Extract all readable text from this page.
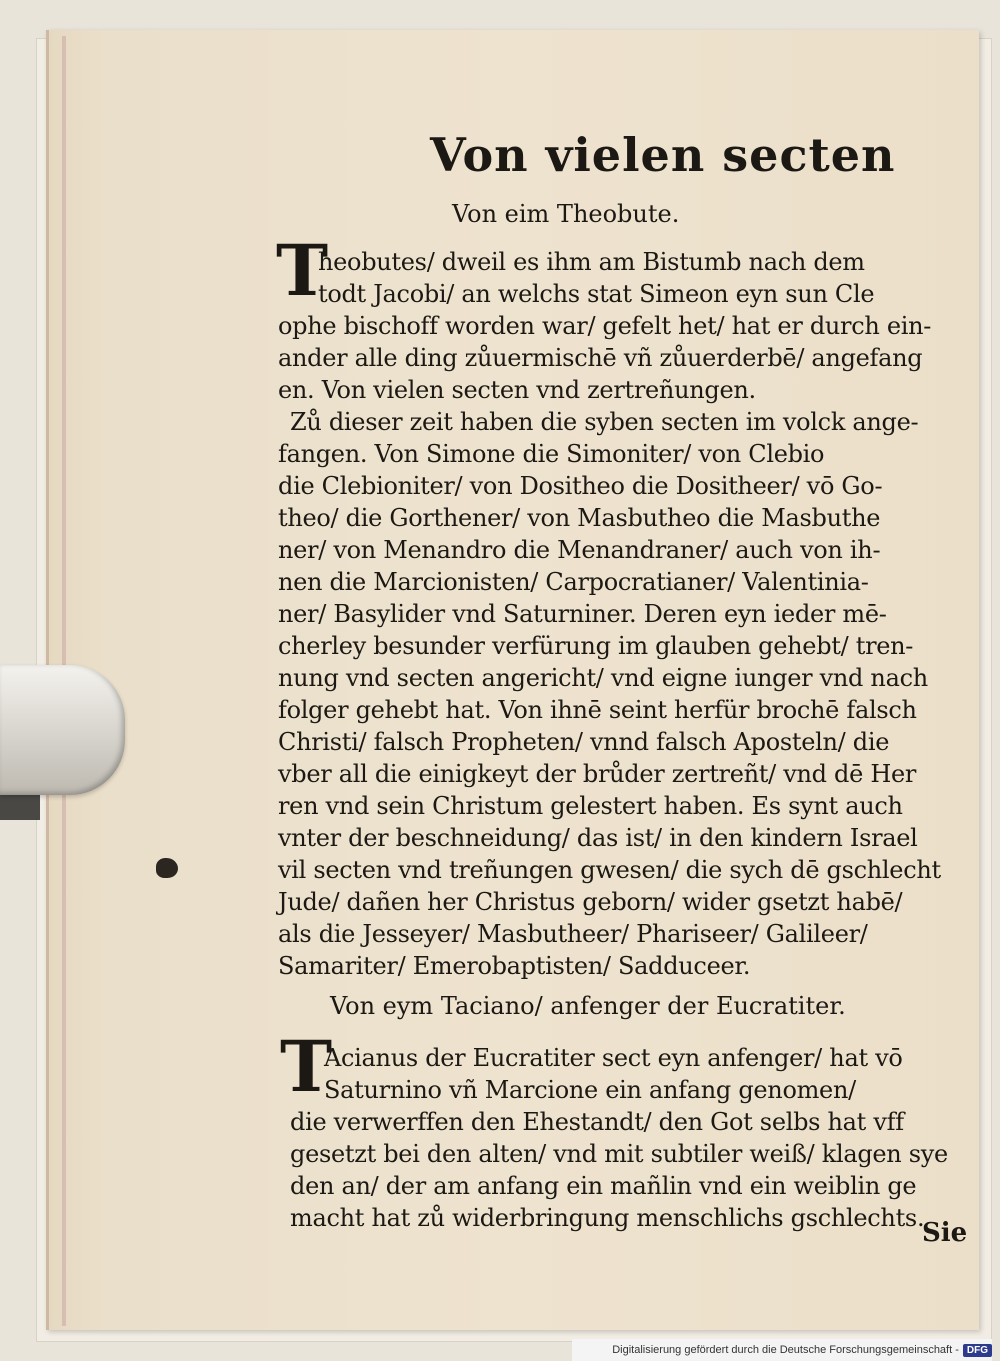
Von vielen secten
Von eim Theobute.
T
heobutes/ dweil es ihm am Bistumb nach dem
todt Jacobi/ an welchs stat Simeon eyn sun Cle
ophe bischoff worden war/ gefelt het/ hat er durch ein-
ander alle ding zůuermischē vñ zůuerderbē/ angefang
en. Von vielen secten vnd zertreñungen.
Zů dieser zeit haben die syben secten im volck ange-
fangen. Von Simone die Simoniter/ von Clebio
die Clebioniter/ von Dositheo die Dositheer/ vō Go-
theo/ die Gorthener/ von Masbutheo die Masbuthe
ner/ von Menandro die Menandraner/ auch von ih-
nen die Marcionisten/ Carpocratianer/ Valentinia-
ner/ Basylider vnd Saturniner. Deren eyn ieder mē-
cherley besunder verfürung im glauben gehebt/ tren-
nung vnd secten angericht/ vnd eigne iunger vnd nach
folger gehebt hat. Von ihnē seint herfür brochē falsch
Christi/ falsch Propheten/ vnnd falsch Aposteln/ die
vber all die einigkeyt der brůder zertreñt/ vnd dē Her
ren vnd sein Christum gelestert haben. Es synt auch
vnter der beschneidung/ das ist/ in den kindern Israel
vil secten vnd treñungen gwesen/ die sych dē gschlecht
Jude/ dañen her Christus geborn/ wider gsetzt habē/
als die Jesseyer/ Masbutheer/ Phariseer/ Galileer/
Samariter/ Emerobaptisten/ Sadduceer.
Von eym Taciano/ anfenger der Eucratiter.
T
Acianus der Eucratiter sect eyn anfenger/ hat vō
Saturnino vñ Marcione ein anfang genomen/
die verwerffen den Ehestandt/ den Got selbs hat vff
gesetzt bei den alten/ vnd mit subtiler weiß/ klagen sye
den an/ der am anfang ein mañlin vnd ein weiblin ge
macht hat zů widerbringung menschlichs gschlechts.
Sie
Digitalisierung gefördert durch die Deutsche Forschungsgemeinschaft - DFG
